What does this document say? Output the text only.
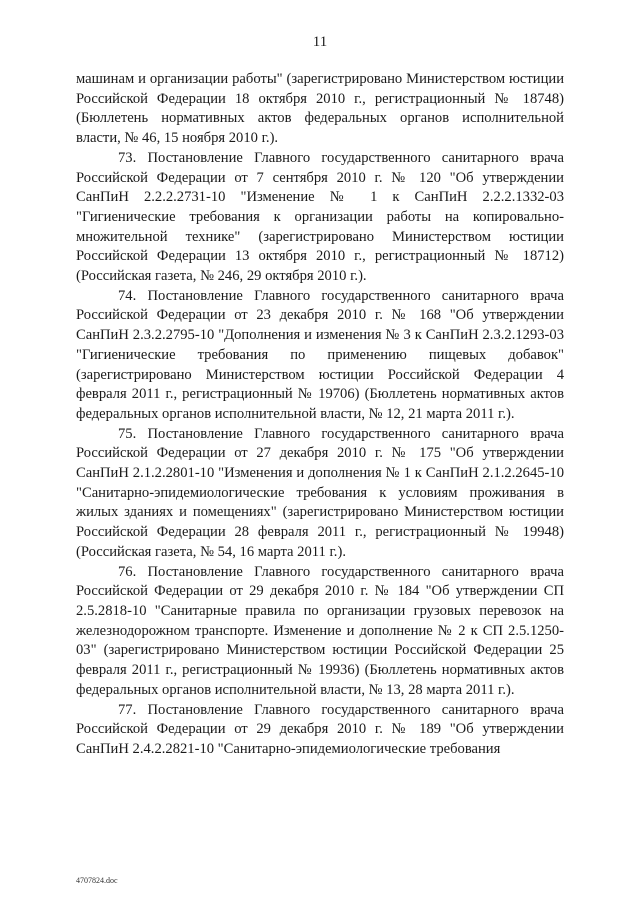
11

машинам и организации работы" (зарегистрировано Министерством юстиции Российской Федерации 18 октября 2010 г., регистрационный № 18748) (Бюллетень нормативных актов федеральных органов исполнительной власти, № 46, 15 ноября 2010 г.).

73. Постановление Главного государственного санитарного врача Российской Федерации от 7 сентября 2010 г. № 120 "Об утверждении СанПиН 2.2.2.2731-10 "Изменение № 1 к СанПиН 2.2.2.1332-03 "Гигиенические требования к организации работы на копировально-множительной технике" (зарегистрировано Министерством юстиции Российской Федерации 13 октября 2010 г., регистрационный № 18712) (Российская газета, № 246, 29 октября 2010 г.).

74. Постановление Главного государственного санитарного врача Российской Федерации от 23 декабря 2010 г. № 168 "Об утверждении СанПиН 2.3.2.2795-10 "Дополнения и изменения № 3 к СанПиН 2.3.2.1293-03 "Гигиенические требования по применению пищевых добавок" (зарегистрировано Министерством юстиции Российской Федерации 4 февраля 2011 г., регистрационный № 19706) (Бюллетень нормативных актов федеральных органов исполнительной власти, № 12, 21 марта 2011 г.).

75. Постановление Главного государственного санитарного врача Российской Федерации от 27 декабря 2010 г. № 175 "Об утверждении СанПиН 2.1.2.2801-10 "Изменения и дополнения № 1 к СанПиН 2.1.2.2645-10 "Санитарно-эпидемиологические требования к условиям проживания в жилых зданиях и помещениях" (зарегистрировано Министерством юстиции Российской Федерации 28 февраля 2011 г., регистрационный № 19948) (Российская газета, № 54, 16 марта 2011 г.).

76. Постановление Главного государственного санитарного врача Российской Федерации от 29 декабря 2010 г. № 184 "Об утверждении СП 2.5.2818-10 "Санитарные правила по организации грузовых перевозок на железнодорожном транспорте. Изменение и дополнение № 2 к СП 2.5.1250-03" (зарегистрировано Министерством юстиции Российской Федерации 25 февраля 2011 г., регистрационный № 19936) (Бюллетень нормативных актов федеральных органов исполнительной власти, № 13, 28 марта 2011 г.).

77. Постановление Главного государственного санитарного врача Российской Федерации от 29 декабря 2010 г. № 189 "Об утверждении СанПиН 2.4.2.2821-10 "Санитарно-эпидемиологические требования

4707824.doc
